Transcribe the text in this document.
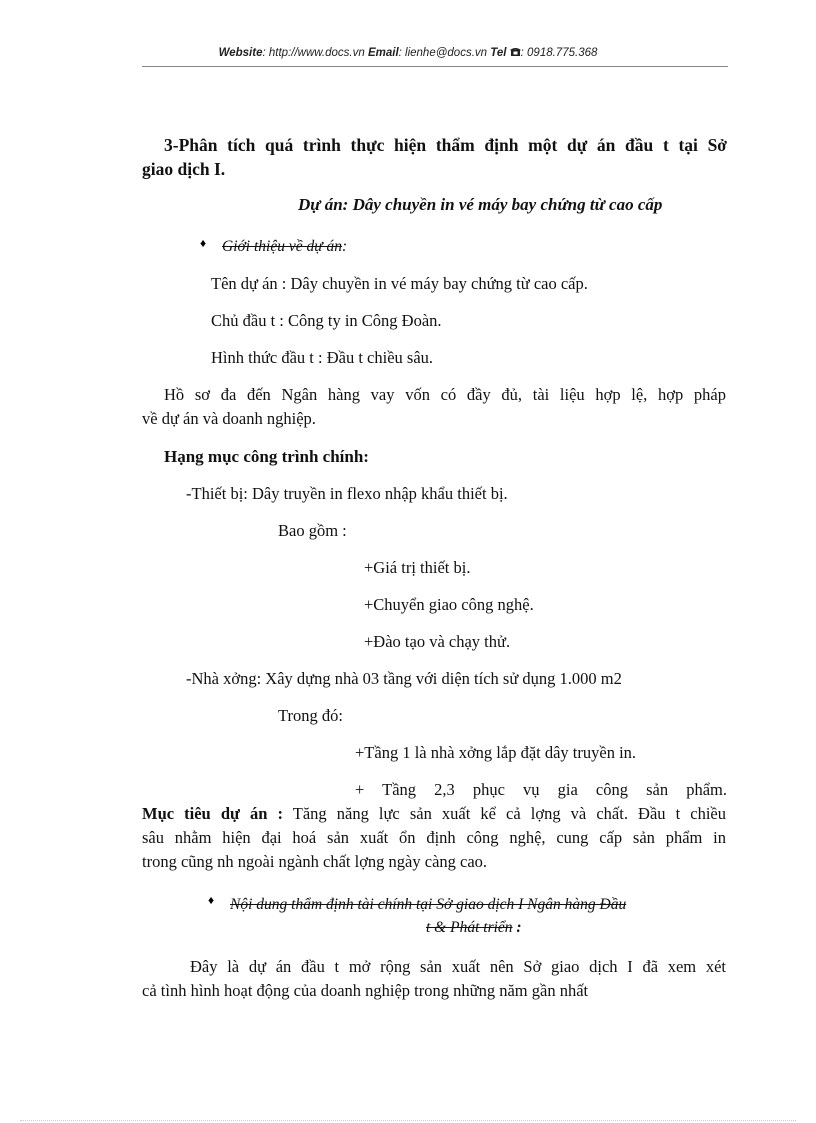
Website: http://www.docs.vn Email: lienhe@docs.vn Tel : 0918.775.368
3-Phân tích quá trình thực hiện thẩm định một dự án đầu t tại Sở
giao dịch I.
Dự án: Dây chuyền in vé máy bay chứng từ cao cấp
♦ Giới thiệu về dự án:
Tên dự án : Dây chuyền in vé máy bay chứng từ cao cấp.
Chủ đầu t : Công ty in Công Đoàn.
Hình thức đầu t : Đầu t chiều sâu.
Hồ sơ đa đến Ngân hàng vay vốn có đầy đủ, tài liệu hợp lệ, hợp pháp
về dự án và doanh nghiệp.
Hạng mục công trình chính:
-Thiết bị: Dây truyền in flexo nhập khẩu thiết bị.
Bao gồm :
+Giá trị thiết bị.
+Chuyển giao công nghệ.
+Đào tạo và chạy thử.
-Nhà xởng: Xây dựng nhà 03 tầng với diện tích sử dụng 1.000 m2
Trong đó:
+Tầng 1 là nhà xởng lắp đặt dây truyền in.
+ Tầng 2,3 phục vụ gia công sản phẩm.
Mục tiêu dự án : Tăng năng lực sản xuất kể cả lợng và chất. Đầu t chiều
sâu nhằm hiện đại hoá sản xuất ổn định công nghệ, cung cấp sản phẩm in
trong cũng nh ngoài ngành chất lợng ngày càng cao.
♦ Nội dung thẩm định tài chính tại Sở giao dịch I Ngân hàng Đầu
t & Phát triển :
Đây là dự án đầu t mở rộng sản xuất nên Sở giao dịch I đã xem xét
cả tình hình hoạt động của doanh nghiệp trong những năm gần nhất
